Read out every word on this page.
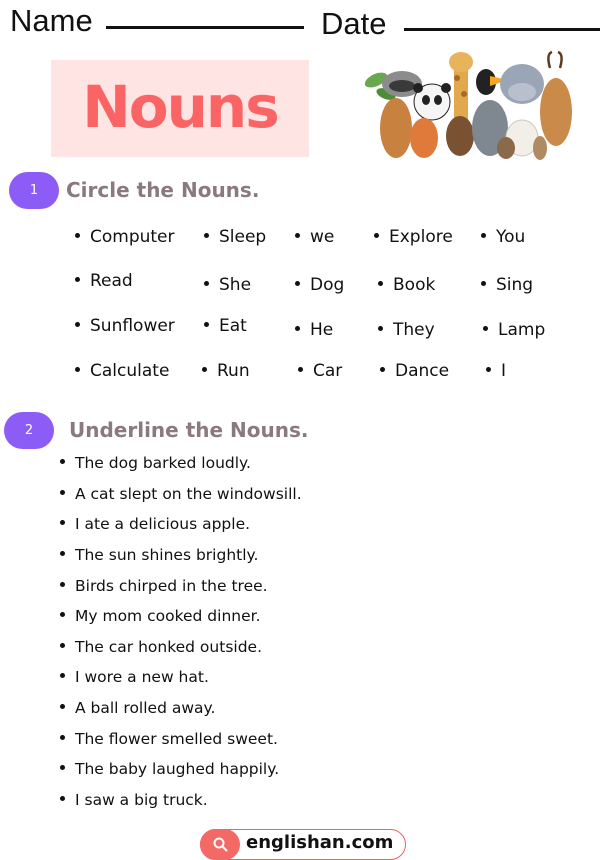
Name	Date
Nouns
1	Circle the Nouns.
Computer	Sleep	we	Explore	You
Read	She	Dog	Book	Sing
Sunflower	Eat	He	They	Lamp
Calculate	Run	Car	Dance	I
2	Underline the Nouns.
The dog barked loudly.
A cat slept on the windowsill.
I ate a delicious apple.
The sun shines brightly.
Birds chirped in the tree.
My mom cooked dinner.
The car honked outside.
I wore a new hat.
A ball rolled away.
The flower smelled sweet.
The baby laughed happily.
I saw a big truck.
englishan.com
